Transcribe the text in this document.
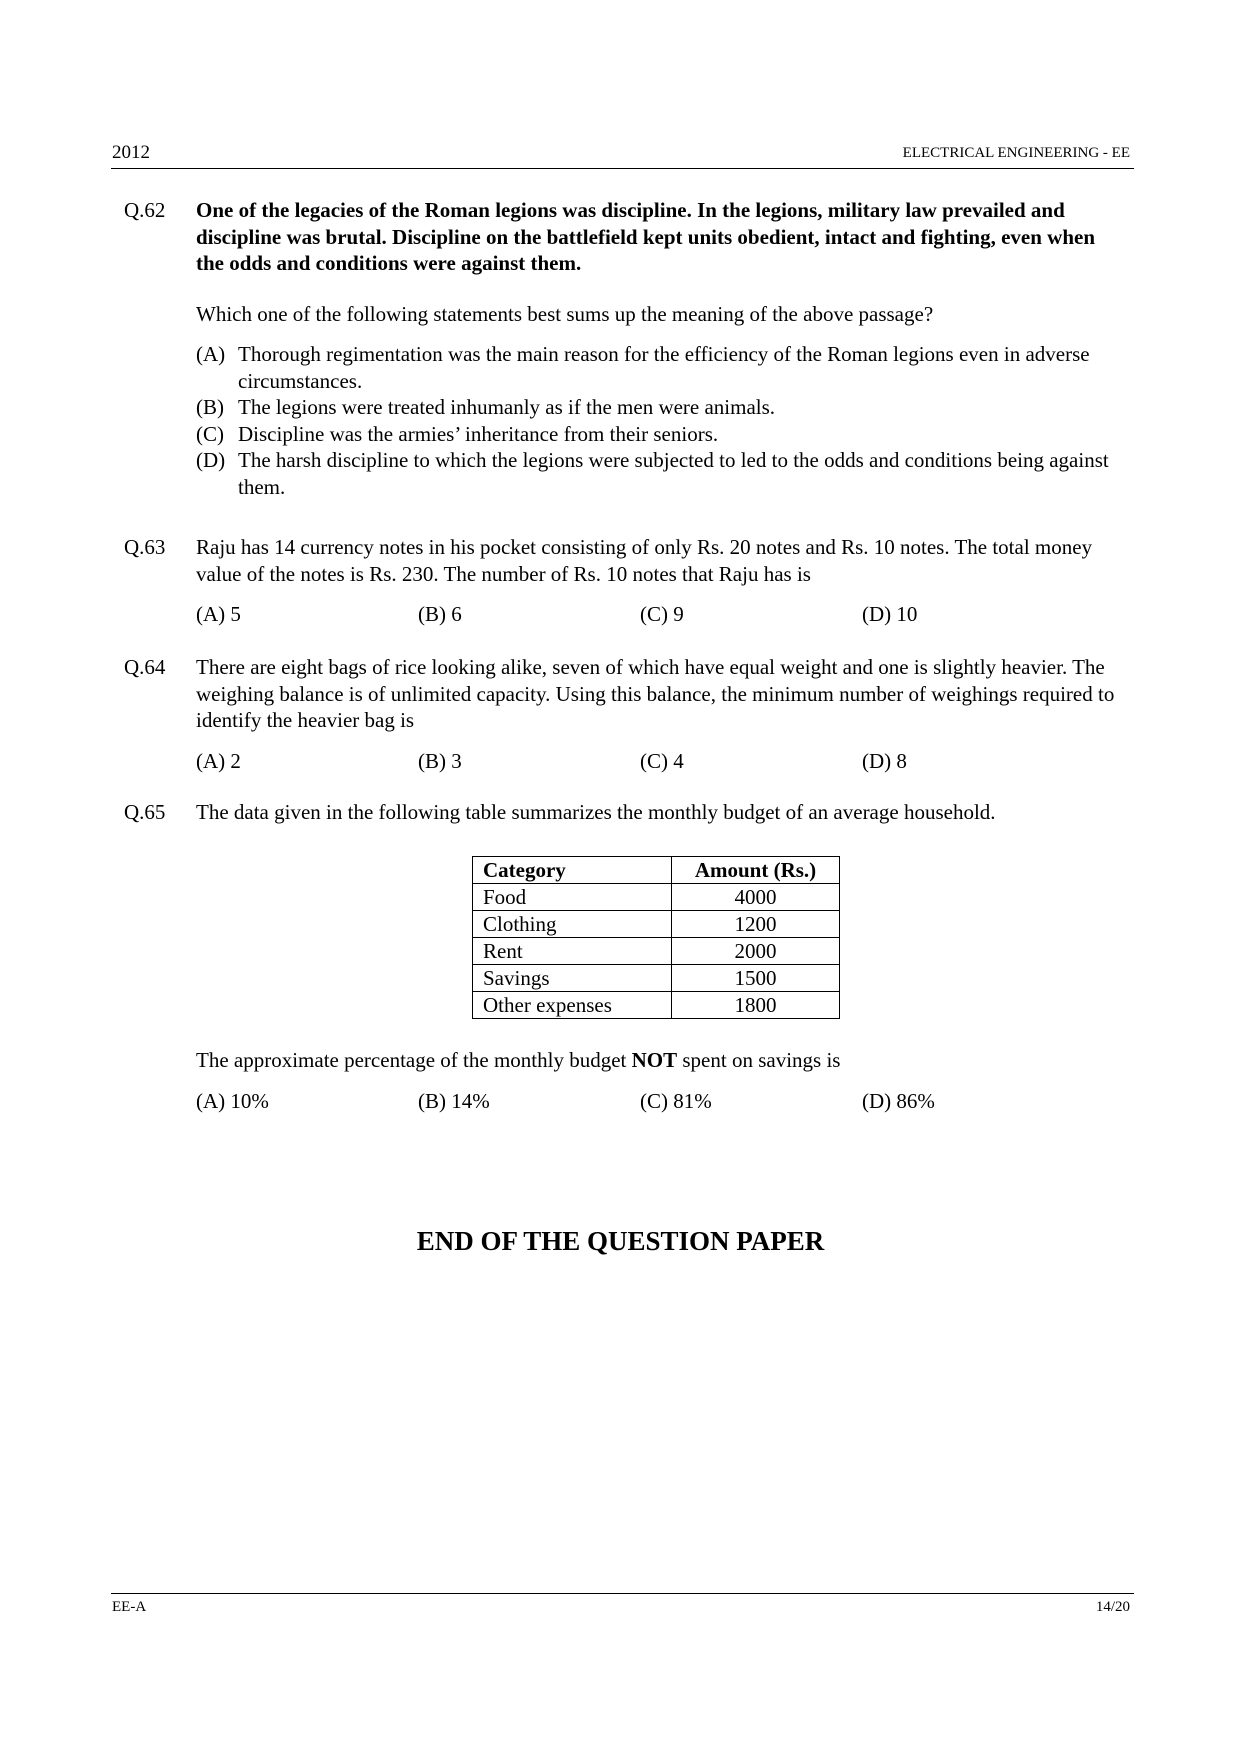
2012	ELECTRICAL ENGINEERING - EE
Q.62 One of the legacies of the Roman legions was discipline. In the legions, military law prevailed and discipline was brutal. Discipline on the battlefield kept units obedient, intact and fighting, even when the odds and conditions were against them.
Which one of the following statements best sums up the meaning of the above passage?
(A) Thorough regimentation was the main reason for the efficiency of the Roman legions even in adverse circumstances.
(B) The legions were treated inhumanly as if the men were animals.
(C) Discipline was the armies’ inheritance from their seniors.
(D) The harsh discipline to which the legions were subjected to led to the odds and conditions being against them.
Q.63 Raju has 14 currency notes in his pocket consisting of only Rs. 20 notes and Rs. 10 notes. The total money value of the notes is Rs. 230. The number of Rs. 10 notes that Raju has is
(A) 5	(B) 6	(C) 9	(D) 10
Q.64 There are eight bags of rice looking alike, seven of which have equal weight and one is slightly heavier. The weighing balance is of unlimited capacity. Using this balance, the minimum number of weighings required to identify the heavier bag is
(A) 2	(B) 3	(C) 4	(D) 8
Q.65 The data given in the following table summarizes the monthly budget of an average household.
Category	Amount (Rs.)
Food	4000
Clothing	1200
Rent	2000
Savings	1500
Other expenses	1800
The approximate percentage of the monthly budget NOT spent on savings is
(A) 10%	(B) 14%	(C) 81%	(D) 86%
END OF THE QUESTION PAPER
EE-A	14/20
